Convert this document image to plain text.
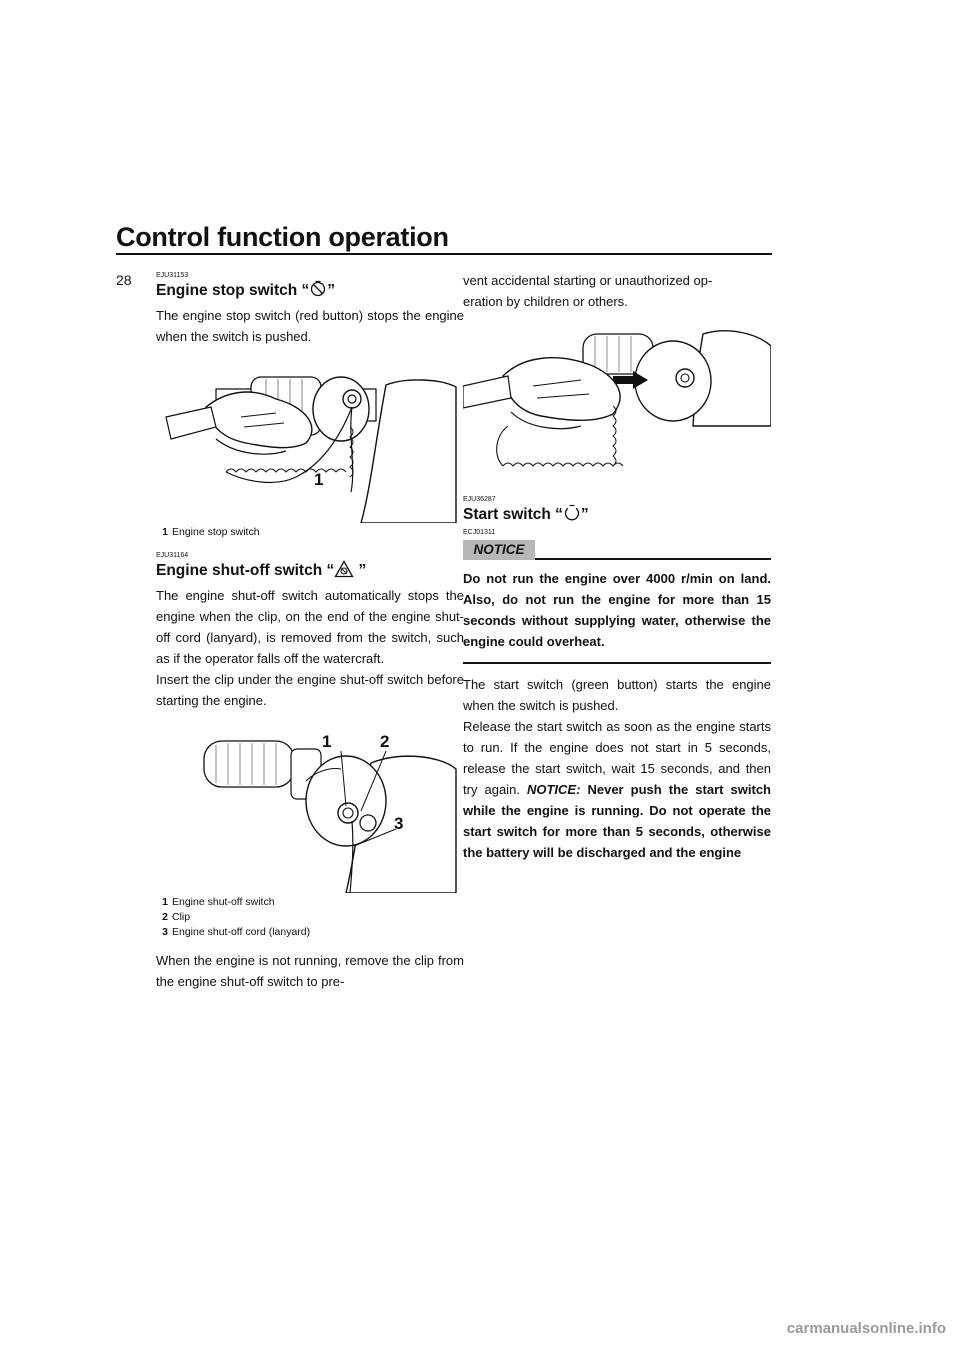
Control function operation
28	EJU31153
Engine stop switch “ ”

The engine stop switch (red button) stops the engine when the switch is pushed.

1
1 Engine stop switch
EJU31164
Engine shut-off switch “ ”

The engine shut-off switch automatically stops the engine when the clip, on the end of the engine shut-off cord (lanyard), is removed from the switch, such as if the operator falls off the watercraft.

Insert the clip under the engine shut-off switch before starting the engine.

1	2
3
1 Engine shut-off switch
2 Clip
3 Engine shut-off cord (lanyard)

When the engine is not running, remove the clip from the engine shut-off switch to pre-

vent accidental starting or unauthorized op-

eration by children or others.

EJU36287
Start switch “ ”
ECJ01311
NOTICE

Do not run the engine over 4000 r/min on land. Also, do not run the engine for more than 15 seconds without supplying water, otherwise the engine could overheat.

The start switch (green button) starts the engine when the switch is pushed.

Release the start switch as soon as the engine starts to run. If the engine does not start in 5 seconds, release the start switch, wait 15 seconds, and then try again. NOTICE: Never push the start switch while the engine is running. Do not operate the start switch for more than 5 seconds, otherwise the battery will be discharged and the engine

carmanualsonline.info
